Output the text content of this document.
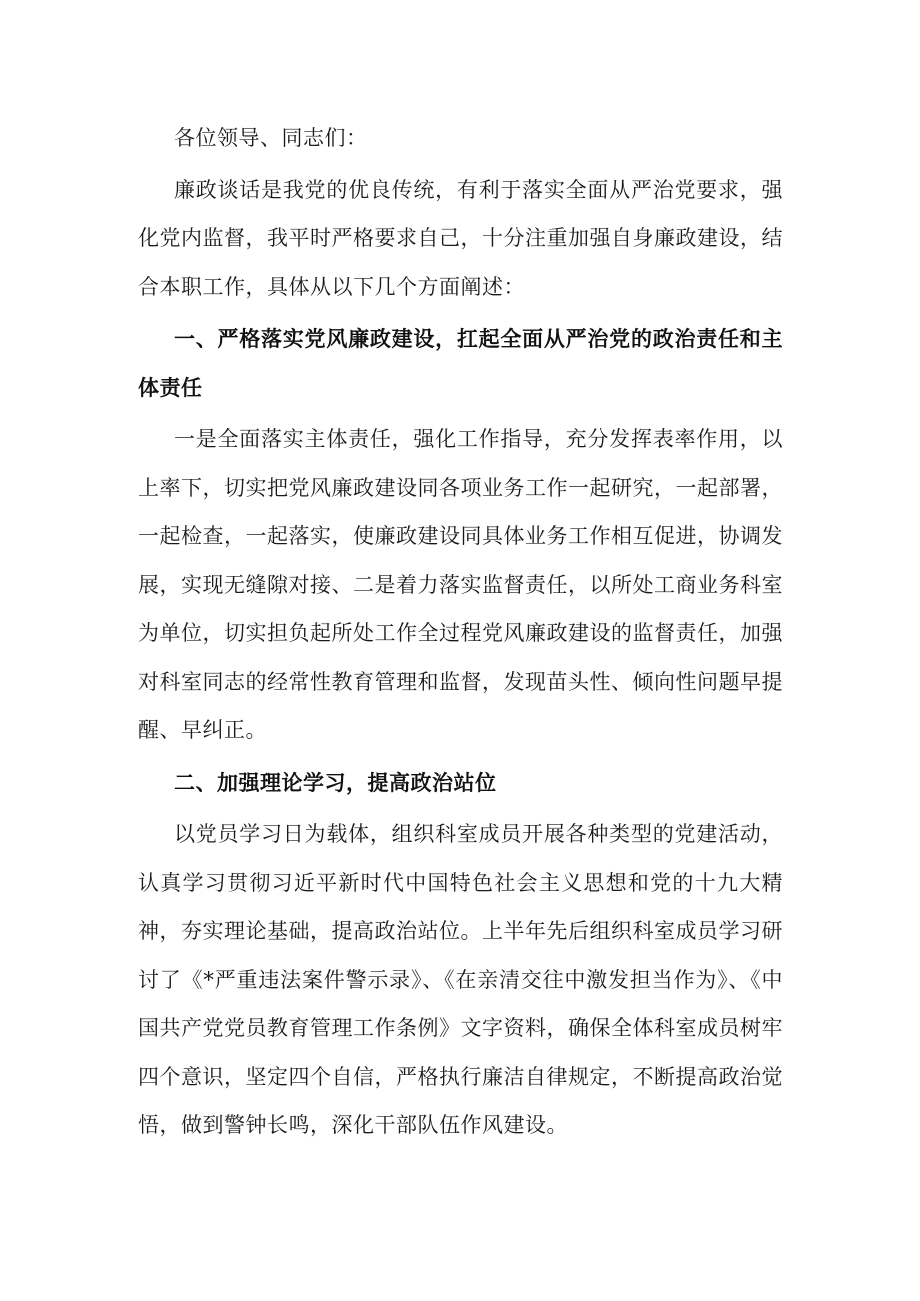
各位领导、同志们：

廉政谈话是我党的优良传统，有利于落实全面从严治党要求，强化党内监督，我平时严格要求自己，十分注重加强自身廉政建设，结合本职工作，具体从以下几个方面阐述：

一、严格落实党风廉政建设，扛起全面从严治党的政治责任和主体责任

一是全面落实主体责任，强化工作指导，充分发挥表率作用，以上率下，切实把党风廉政建设同各项业务工作一起研究，一起部署，一起检查，一起落实，使廉政建设同具体业务工作相互促进，协调发展，实现无缝隙对接、二是着力落实监督责任，以所处工商业务科室为单位，切实担负起所处工作全过程党风廉政建设的监督责任，加强对科室同志的经常性教育管理和监督，发现苗头性、倾向性问题早提醒、早纠正。

二、加强理论学习，提高政治站位

以党员学习日为载体，组织科室成员开展各种类型的党建活动，认真学习贯彻习近平新时代中国特色社会主义思想和党的十九大精神，夯实理论基础，提高政治站位。上半年先后组织科室成员学习研讨了《*严重违法案件警示录》、《在亲清交往中激发担当作为》、《中国共产党党员教育管理工作条例》文字资料，确保全体科室成员树牢四个意识，坚定四个自信，严格执行廉洁自律规定，不断提高政治觉悟，做到警钟长鸣，深化干部队伍作风建设。
